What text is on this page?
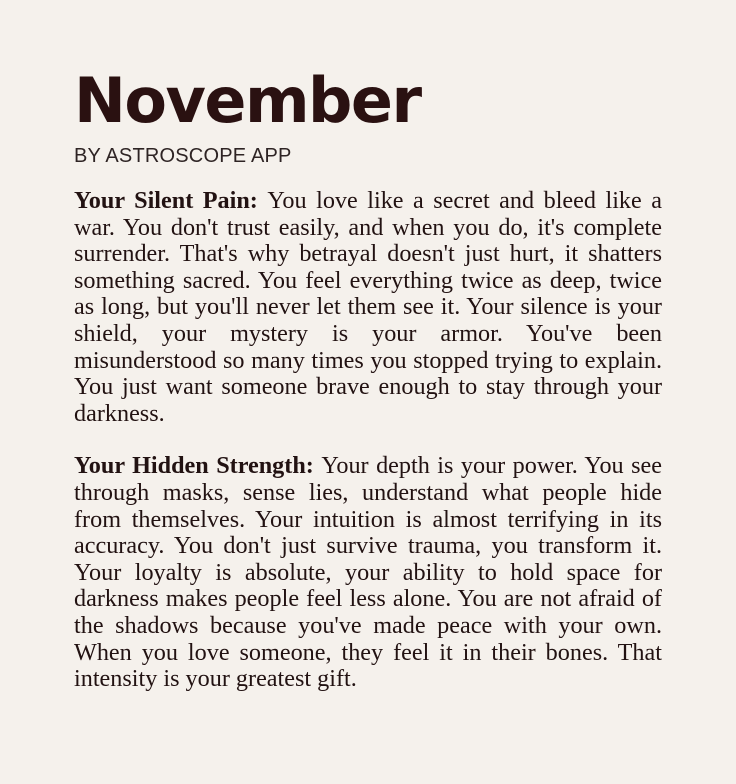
November
BY ASTROSCOPE APP

Your Silent Pain: You love like a secret and bleed like a war. You don't trust easily, and when you do, it's complete surrender. That's why betrayal doesn't just hurt, it shatters something sacred. You feel everything twice as deep, twice as long, but you'll never let them see it. Your silence is your shield, your mystery is your armor. You've been misunderstood so many times you stopped trying to explain. You just want someone brave enough to stay through your darkness.

Your Hidden Strength: Your depth is your power. You see through masks, sense lies, understand what people hide from themselves. Your intuition is almost terrifying in its accuracy. You don't just survive trauma, you transform it. Your loyalty is absolute, your ability to hold space for darkness makes people feel less alone. You are not afraid of the shadows because you've made peace with your own. When you love someone, they feel it in their bones. That intensity is your greatest gift.
